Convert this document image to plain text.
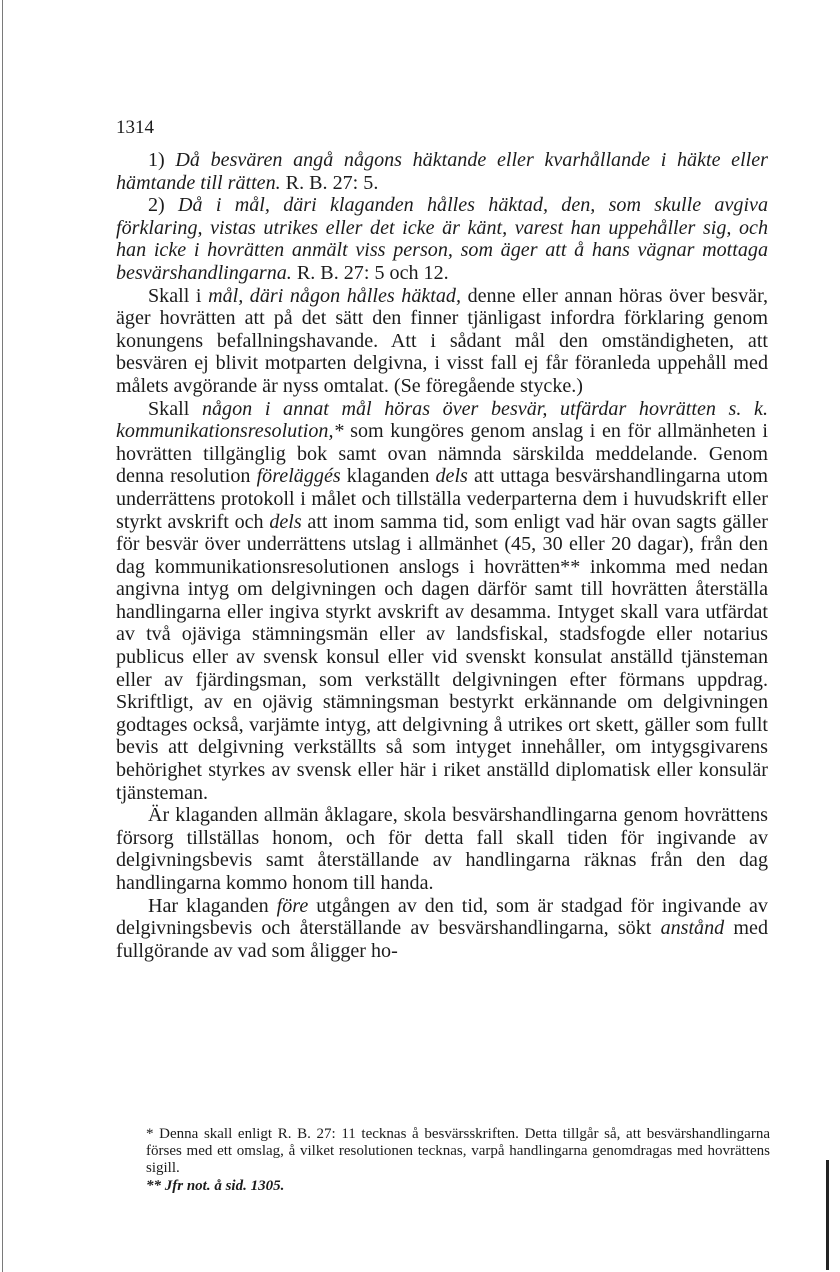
1314

1) Då besvären angå någons häktande eller kvarhållande i häkte eller hämtande till rätten. R. B. 27: 5.

2) Då i mål, däri klaganden hålles häktad, den, som skulle avgiva förklaring, vistas utrikes eller det icke är känt, varest han uppehåller sig, och han icke i hovrätten anmält viss person, som äger att å hans vägnar mottaga besvärshandlingarna. R. B. 27: 5 och 12.

Skall i mål, däri någon hålles häktad, denne eller annan höras över besvär, äger hovrätten att på det sätt den finner tjänligast infordra förklaring genom konungens befallningshavande. Att i sådant mål den omständigheten, att besvären ej blivit motparten delgivna, i visst fall ej får föranleda uppehåll med målets avgörande är nyss omtalat. (Se föregående stycke.)

Skall någon i annat mål höras över besvär, utfärdar hovrätten s. k. kommunikationsresolution,* som kungöres genom anslag i en för allmänheten i hovrätten tillgänglig bok samt ovan nämnda särskilda meddelande. Genom denna resolution föreläggés klaganden dels att uttaga besvärshandlingarna utom underrättens protokoll i målet och tillställa vederparterna dem i huvudskrift eller styrkt avskrift och dels att inom samma tid, som enligt vad här ovan sagts gäller för besvär över underrättens utslag i allmänhet (45, 30 eller 20 dagar), från den dag kommunikationsresolutionen anslogs i hovrätten** inkomma med nedan angivna intyg om delgivningen och dagen därför samt till hovrätten återställa handlingarna eller ingiva styrkt avskrift av desamma. Intyget skall vara utfärdat av två ojäviga stämningsmän eller av landsfiskal, stadsfogde eller notarius publicus eller av svensk konsul eller vid svenskt konsulat anställd tjänsteman eller av fjärdingsman, som verkställt delgivningen efter förmans uppdrag. Skriftligt, av en ojävig stämningsman bestyrkt erkännande om delgivningen godtages också, varjämte intyg, att delgivning å utrikes ort skett, gäller som fullt bevis att delgivning verkställts så som intyget innehåller, om intygsgivarens behörighet styrkes av svensk eller här i riket anställd diplomatisk eller konsulär tjänsteman.

Är klaganden allmän åklagare, skola besvärshandlingarna genom hovrättens försorg tillställas honom, och för detta fall skall tiden för ingivande av delgivningsbevis samt återställande av handlingarna räknas från den dag handlingarna kommo honom till handa.

Har klaganden före utgången av den tid, som är stadgad för ingivande av delgivningsbevis och återställande av besvärshandlingarna, sökt anstånd med fullgörande av vad som åligger ho-

* Denna skall enligt R. B. 27: 11 tecknas å besvärsskriften. Detta tillgår så, att besvärshandlingarna förses med ett omslag, å vilket resolutionen tecknas, varpå handlingarna genomdragas med hovrättens sigill.

** Jfr not. å sid. 1305.
